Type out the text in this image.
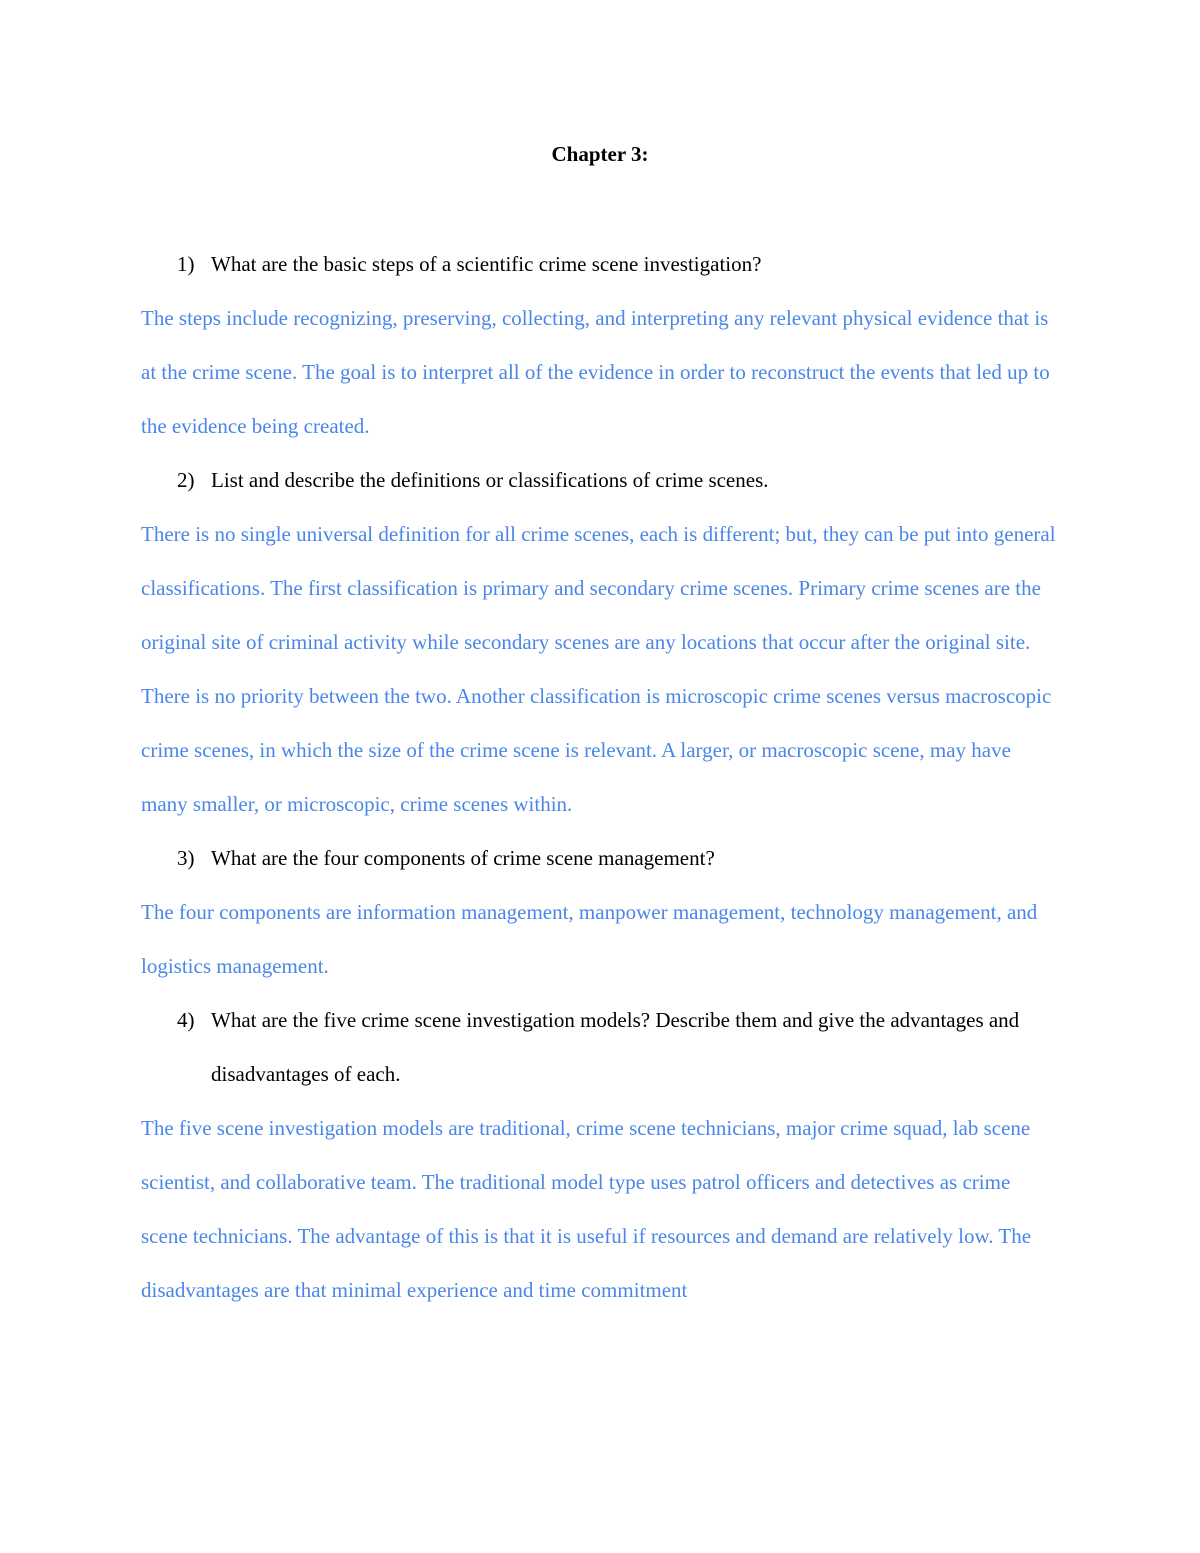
Chapter 3:
1) What are the basic steps of a scientific crime scene investigation?
The steps include recognizing, preserving, collecting, and interpreting any relevant physical evidence that is at the crime scene. The goal is to interpret all of the evidence in order to reconstruct the events that led up to the evidence being created.
2) List and describe the definitions or classifications of crime scenes.
There is no single universal definition for all crime scenes, each is different; but, they can be put into general classifications. The first classification is primary and secondary crime scenes. Primary crime scenes are the original site of criminal activity while secondary scenes are any locations that occur after the original site. There is no priority between the two. Another classification is microscopic crime scenes versus macroscopic crime scenes, in which the size of the crime scene is relevant. A larger, or macroscopic scene, may have many smaller, or microscopic, crime scenes within.
3) What are the four components of crime scene management?
The four components are information management, manpower management, technology management, and logistics management.
4) What are the five crime scene investigation models? Describe them and give the advantages and disadvantages of each.
The five scene investigation models are traditional, crime scene technicians, major crime squad, lab scene scientist, and collaborative team. The traditional model type uses patrol officers and detectives as crime scene technicians. The advantage of this is that it is useful if resources and demand are relatively low. The disadvantages are that minimal experience and time commitment
